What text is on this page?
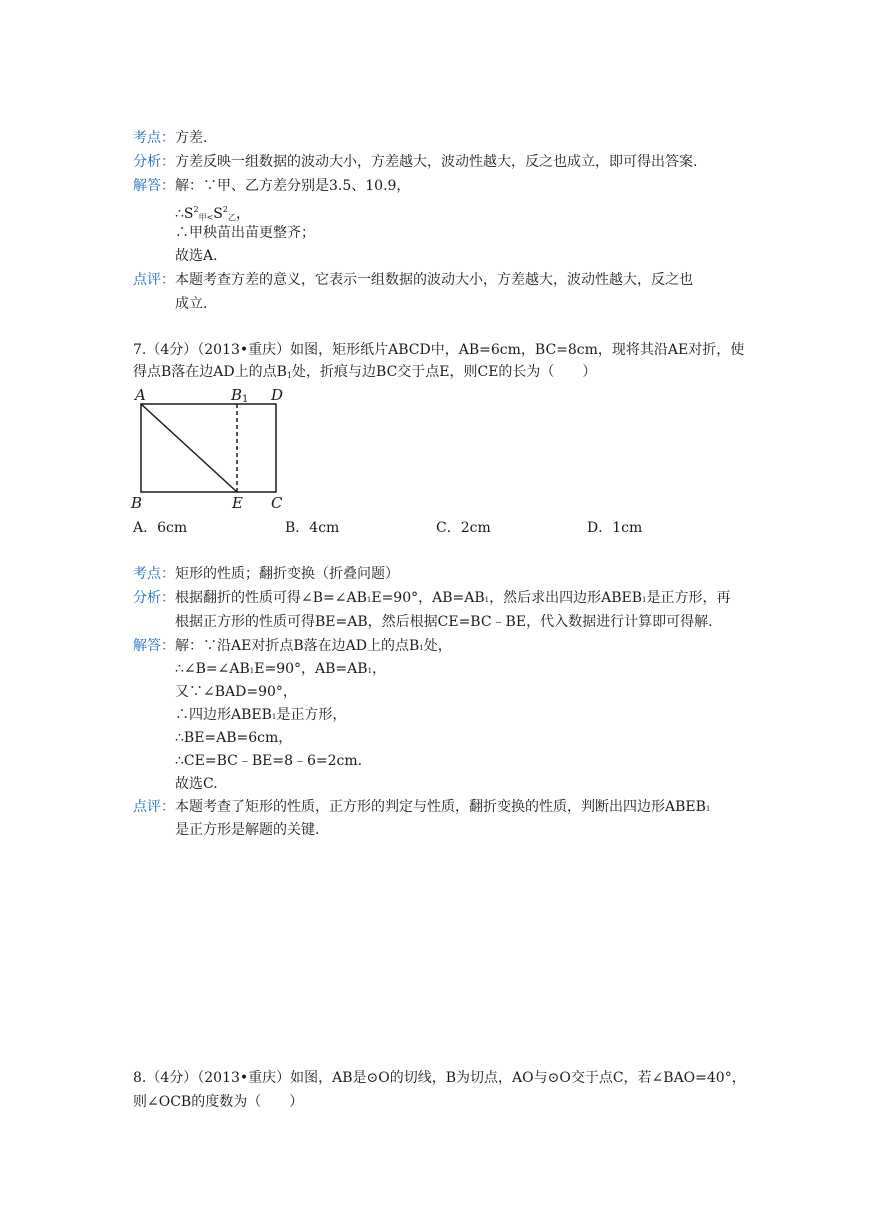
考点：方差.
分析：方差反映一组数据的波动大小，方差越大，波动性越大，反之也成立，即可得出答案.
解答：解：∵甲、乙方差分别是3.5、10.9，
$\therefore S^2_{甲<}S^2_乙$，
∴甲秧苗出苗更整齐；
故选A.
点评：本题考查方差的意义，它表示一组数据的波动大小，方差越大，波动性越大，反之也
成立.
7.（4分）（2013•重庆）如图，矩形纸片ABCD中，AB=6cm，BC=8cm，现将其沿AE对折，使
得点B落在边AD上的点$B_1$处，折痕与边BC交于点E，则CE的长为（　　）
A	B1 D
B	E C
A．6cm	B．4cm	C．2cm	D．1cm
考点：矩形的性质；翻折变换（折叠问题）
分析：根据翻折的性质可得∠B=∠AB1E=90°，AB=AB1，然后求出四边形ABEB1是正方形，再
根据正方形的性质可得BE=AB，然后根据CE=BC﹣BE，代入数据进行计算即可得解.
解答：解：∵沿AE对折点B落在边AD上的点B1处，
∴∠B=∠AB1E=90°，AB=AB1，
又∵∠BAD=90°，
∴四边形ABEB1是正方形，
∴BE=AB=6cm，
∴CE=BC﹣BE=8﹣6=2cm.
故选C.
点评：本题考查了矩形的性质，正方形的判定与性质，翻折变换的性质，判断出四边形ABEB1
是正方形是解题的关键.
8.（4分）（2013•重庆）如图，AB是⊙O的切线，B为切点，AO与⊙O交于点C，若∠BAO=40°，
则∠OCB的度数为（　　）
